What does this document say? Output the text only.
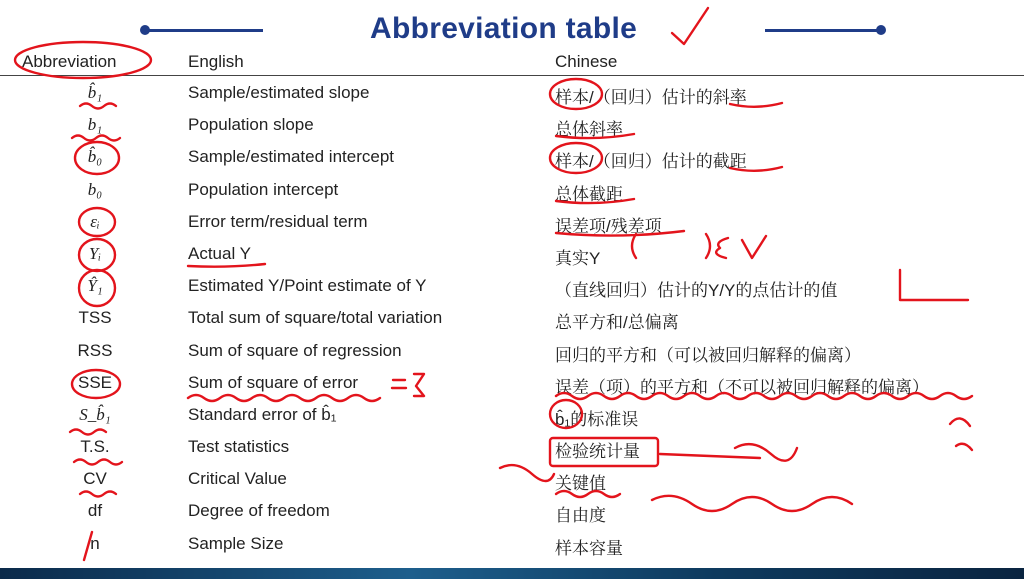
Abbreviation table
Abbreviation	English	Chinese
b̂₁	Sample/estimated slope	样本/（回归）估计的斜率
b₁	Population slope	总体斜率
b̂₀	Sample/estimated intercept	样本/（回归）估计的截距
b₀	Population intercept	总体截距
εᵢ	Error term/residual term	误差项/残差项
Yᵢ	Actual Y	真实Y
Ŷ₁	Estimated Y/Point estimate of Y	（直线回归）估计的Y/Y的点估计的值
TSS	Total sum of square/total variation	总平方和/总偏离
RSS	Sum of square of regression	回归的平方和（可以被回归解释的偏离）
SSE	Sum of square of error	误差（项）的平方和（不可以被回归解释的偏离）
S_b̂₁	Standard error of b̂₁	b̂₁的标准误
T.S.	Test statistics	检验统计量
CV	Critical Value	关键值
df	Degree of freedom	自由度
n	Sample Size	样本容量
